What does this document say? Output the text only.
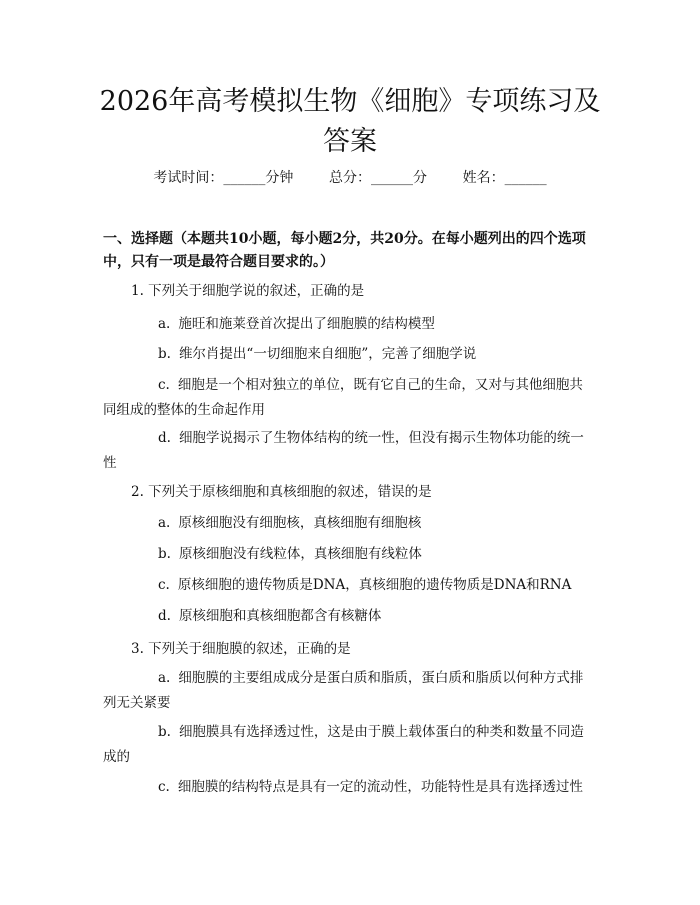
2026年高考模拟生物《细胞》专项练习及答案
考试时间：______分钟	总分：______分	姓名：______
一、选择题（本题共10小题，每小题2分，共20分。在每小题列出的四个选项中，只有一项是最符合题目要求的。）
1. 下列关于细胞学说的叙述，正确的是
a. 施旺和施莱登首次提出了细胞膜的结构模型
b. 维尔肖提出“一切细胞来自细胞”，完善了细胞学说
c. 细胞是一个相对独立的单位，既有它自己的生命，又对与其他细胞共同组成的整体的生命起作用
d. 细胞学说揭示了生物体结构的统一性，但没有揭示生物体功能的统一性
2. 下列关于原核细胞和真核细胞的叙述，错误的是
a. 原核细胞没有细胞核，真核细胞有细胞核
b. 原核细胞没有线粒体，真核细胞有线粒体
c. 原核细胞的遗传物质是DNA，真核细胞的遗传物质是DNA和RNA
d. 原核细胞和真核细胞都含有核糖体
3. 下列关于细胞膜的叙述，正确的是
a. 细胞膜的主要组成成分是蛋白质和脂质，蛋白质和脂质以何种方式排列无关紧要
b. 细胞膜具有选择透过性，这是由于膜上载体蛋白的种类和数量不同造成的
c. 细胞膜的结构特点是具有一定的流动性，功能特性是具有选择透过性
